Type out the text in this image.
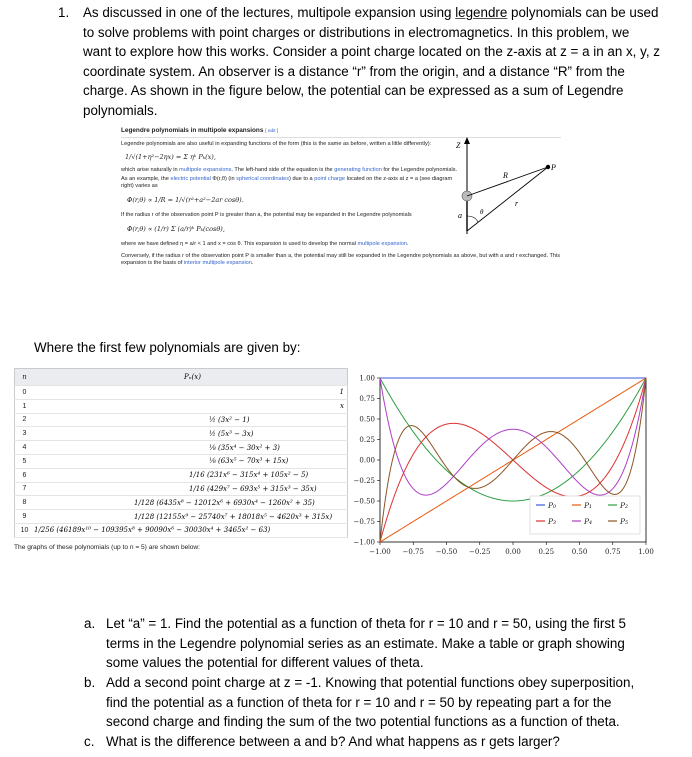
1. As discussed in one of the lectures, multipole expansion using legendre polynomials can be used
to solve problems with point charges or distributions in electromagnetics. In this problem, we
want to explore how this works. Consider a point charge located on the z-axis at z = a in an x, y, z
coordinate system. An observer is a distance “r” from the origin, and a distance “R” from the
charge. As shown in the figure below, the potential can be expressed as a sum of Legendre
polynomials.
Legendre polynomials in multipole expansions [ edit ]
Legendre polynomials are also useful in expanding functions of the form (this is the same as before, written a little differently):
1/√(1+η²−2ηx) = Σ ηᵏ Pₖ(x),
which arise naturally in multipole expansions. The left-hand side of the equation is the generating function for the Legendre polynomials.
As an example, the electric potential Φ(r,θ) (in spherical coordinates) due to a point charge located on the z-axis at z = a (see diagram
right) varies as
Φ(r,θ) ∝ 1/R = 1/√(r²+a²−2ar cosθ).
If the radius r of the observation point P is greater than a, the potential may be expanded in the Legendre polynomials
Φ(r,θ) ∝ (1/r) Σ (a/r)ᵏ Pₖ(cosθ),
where we have defined η = a/r < 1 and x = cos θ. This expansion is used to develop the normal multipole expansion.
Conversely, if the radius r of the observation point P is smaller than a, the potential may still be expanded in the Legendre polynomials as above, but with a and r exchanged. This
expansion is the basis of interior multipole expansion.
Z
R
P
a	θ
r
Where the first few polynomials are given by:
n	Pₙ(x)
0	1
1	x
2	½ (3x² − 1)
3	½ (5x³ − 3x)
4	⅛ (35x⁴ − 30x² + 3)
5	⅛ (63x⁵ − 70x³ + 15x)
6	1/16 (231x⁶ − 315x⁴ + 105x² − 5)
7	1/16 (429x⁷ − 693x⁵ + 315x³ − 35x)
8	1/128 (6435x⁸ − 12012x⁶ + 6930x⁴ − 1260x² + 35)
9	1/128 (12155x⁹ − 25740x⁷ + 18018x⁵ − 4620x³ + 315x)
10	1/256 (46189x¹⁰ − 109395x⁸ + 90090x⁶ − 30030x⁴ + 3465x² − 63)
The graphs of these polynomials (up to n = 5) are shown below:
1.00
0.75
0.50
0.25
0.00
−0.25
−0.50
−0.75
−1.00
−1.00 −0.75 −0.50 −0.25 0.00	0.25	0.50	0.75	1.00
P₀	P₁	P₂
P₃	P₄	P₅
a. Let “a” = 1. Find the potential as a function of theta for r = 10 and r = 50, using the first 5
terms in the Legendre polynomial series as an estimate. Make a table or graph showing
some values the potential for different values of theta.
b. Add a second point charge at z = -1. Knowing that potential functions obey superposition,
find the potential as a function of theta for r = 10 and r = 50 by repeating part a for the
second charge and finding the sum of the two potential functions as a function of theta.
c. What is the difference between a and b? And what happens as r gets larger?
